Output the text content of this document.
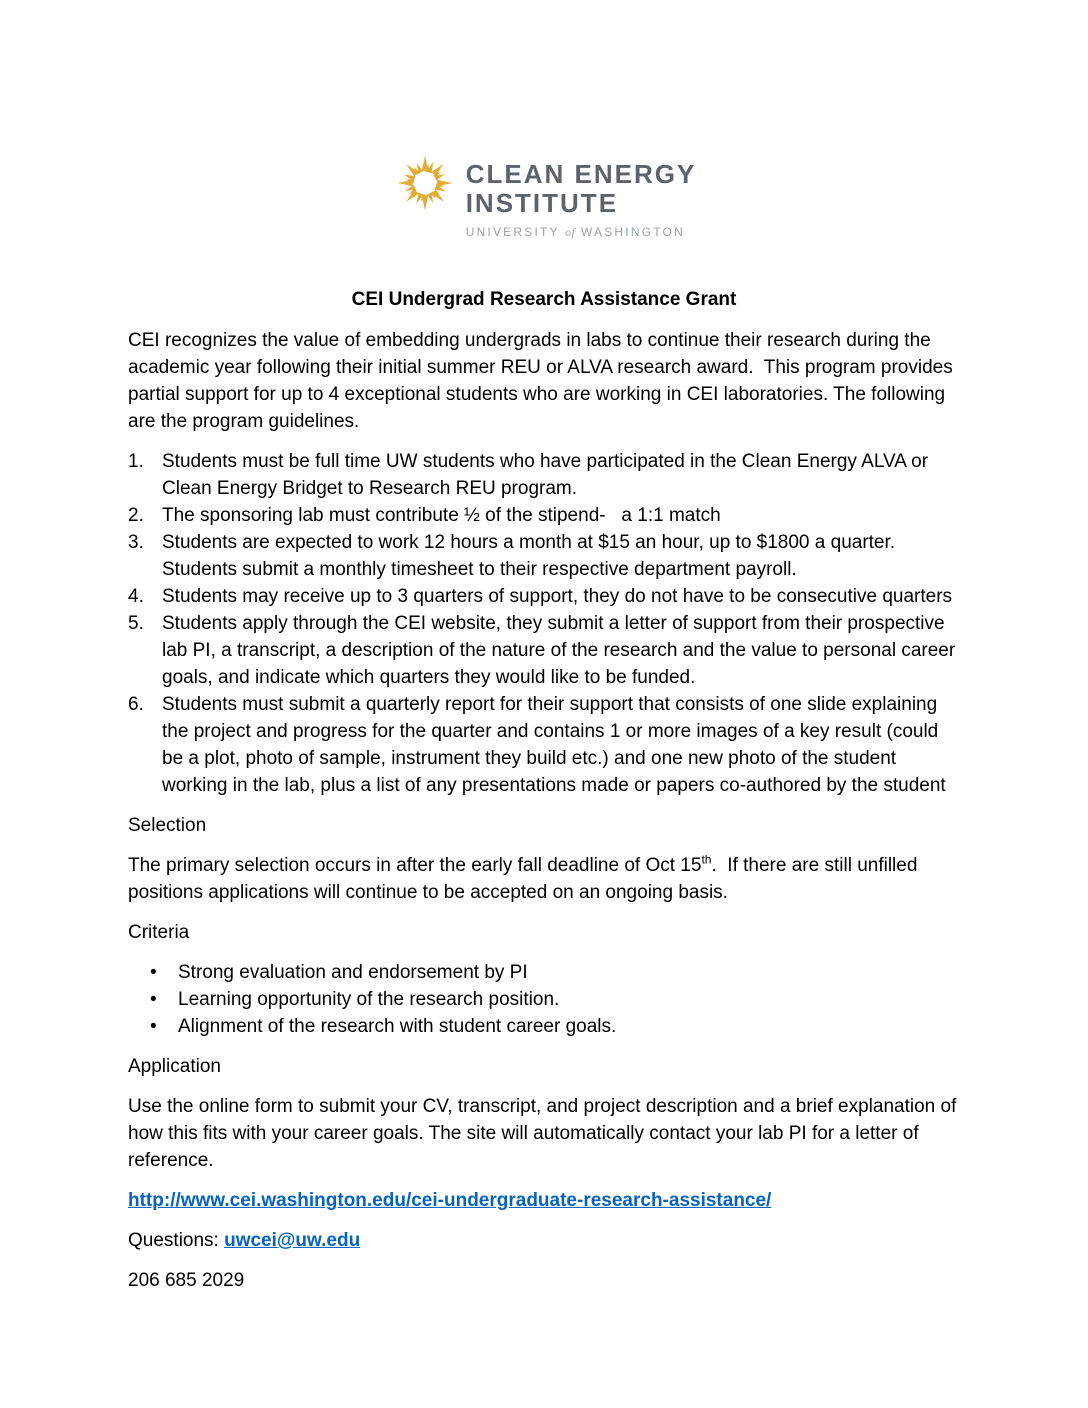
CLEAN ENERGY
INSTITUTE
UNIVERSITY of WASHINGTON
CEI Undergrad Research Assistance Grant

CEI recognizes the value of embedding undergrads in labs to continue their research during the academic year following their initial summer REU or ALVA research award.  This program provides partial support for up to 4 exceptional students who are working in CEI laboratories. The following are the program guidelines.

Students must be full time UW students who have participated in the Clean Energy ALVA or Clean Energy Bridget to Research REU program.
The sponsoring lab must contribute ½ of the stipend-   a 1:1 match
Students are expected to work 12 hours a month at $15 an hour, up to $1800 a quarter. Students submit a monthly timesheet to their respective department payroll.
Students may receive up to 3 quarters of support, they do not have to be consecutive quarters
Students apply through the CEI website, they submit a letter of support from their prospective lab PI, a transcript, a description of the nature of the research and the value to personal career goals, and indicate which quarters they would like to be funded.
Students must submit a quarterly report for their support that consists of one slide explaining the project and progress for the quarter and contains 1 or more images of a key result (could be a plot, photo of sample, instrument they build etc.) and one new photo of the student working in the lab, plus a list of any presentations made or papers co-authored by the student

Selection

The primary selection occurs in after the early fall deadline of Oct 15th.  If there are still unfilled positions applications will continue to be accepted on an ongoing basis.

Criteria

• Strong evaluation and endorsement by PI
• Learning opportunity of the research position.
• Alignment of the research with student career goals.

Application

Use the online form to submit your CV, transcript, and project description and a brief explanation of how this fits with your career goals. The site will automatically contact your lab PI for a letter of reference.

http://www.cei.washington.edu/cei-undergraduate-research-assistance/

Questions: uwcei@uw.edu

206 685 2029
